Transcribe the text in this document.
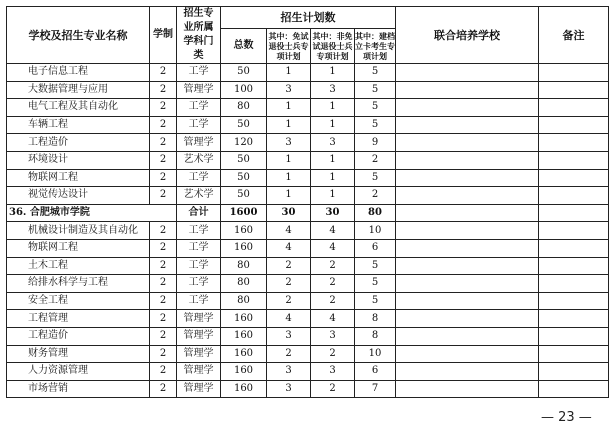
学校及招生专业名称	学制	招生专业所属学科门类	招生计划数				联合培养学校	备注
			总数	其中：免试退役士兵专项计划	其中：非免试退役士兵专项计划	其中：建档立卡考生专项计划		
电子信息工程	2	工学	50	1	1	5		
大数据管理与应用	2	管理学	100	3	3	5		
电气工程及其自动化	2	工学	80	1	1	5		
车辆工程	2	工学	50	1	1	5		
工程造价	2	管理学	120	3	3	9		
环境设计	2	艺术学	50	1	1	2		
物联网工程	2	工学	50	1	1	5		
视觉传达设计	2	艺术学	50	1	1	2		
36. 合肥城市学院		合计	1600	30	30	80		
机械设计制造及其自动化	2	工学	160	4	4	10		
物联网工程	2	工学	160	4	4	6		
土木工程	2	工学	80	2	2	5		
给排水科学与工程	2	工学	80	2	2	5		
安全工程	2	工学	80	2	2	5		
工程管理	2	管理学	160	4	4	8		
工程造价	2	管理学	160	3	3	8		
财务管理	2	管理学	160	2	2	10		
人力资源管理	2	管理学	160	3	3	6		
市场营销	2	管理学	160	3	2	7		
— 23 —
